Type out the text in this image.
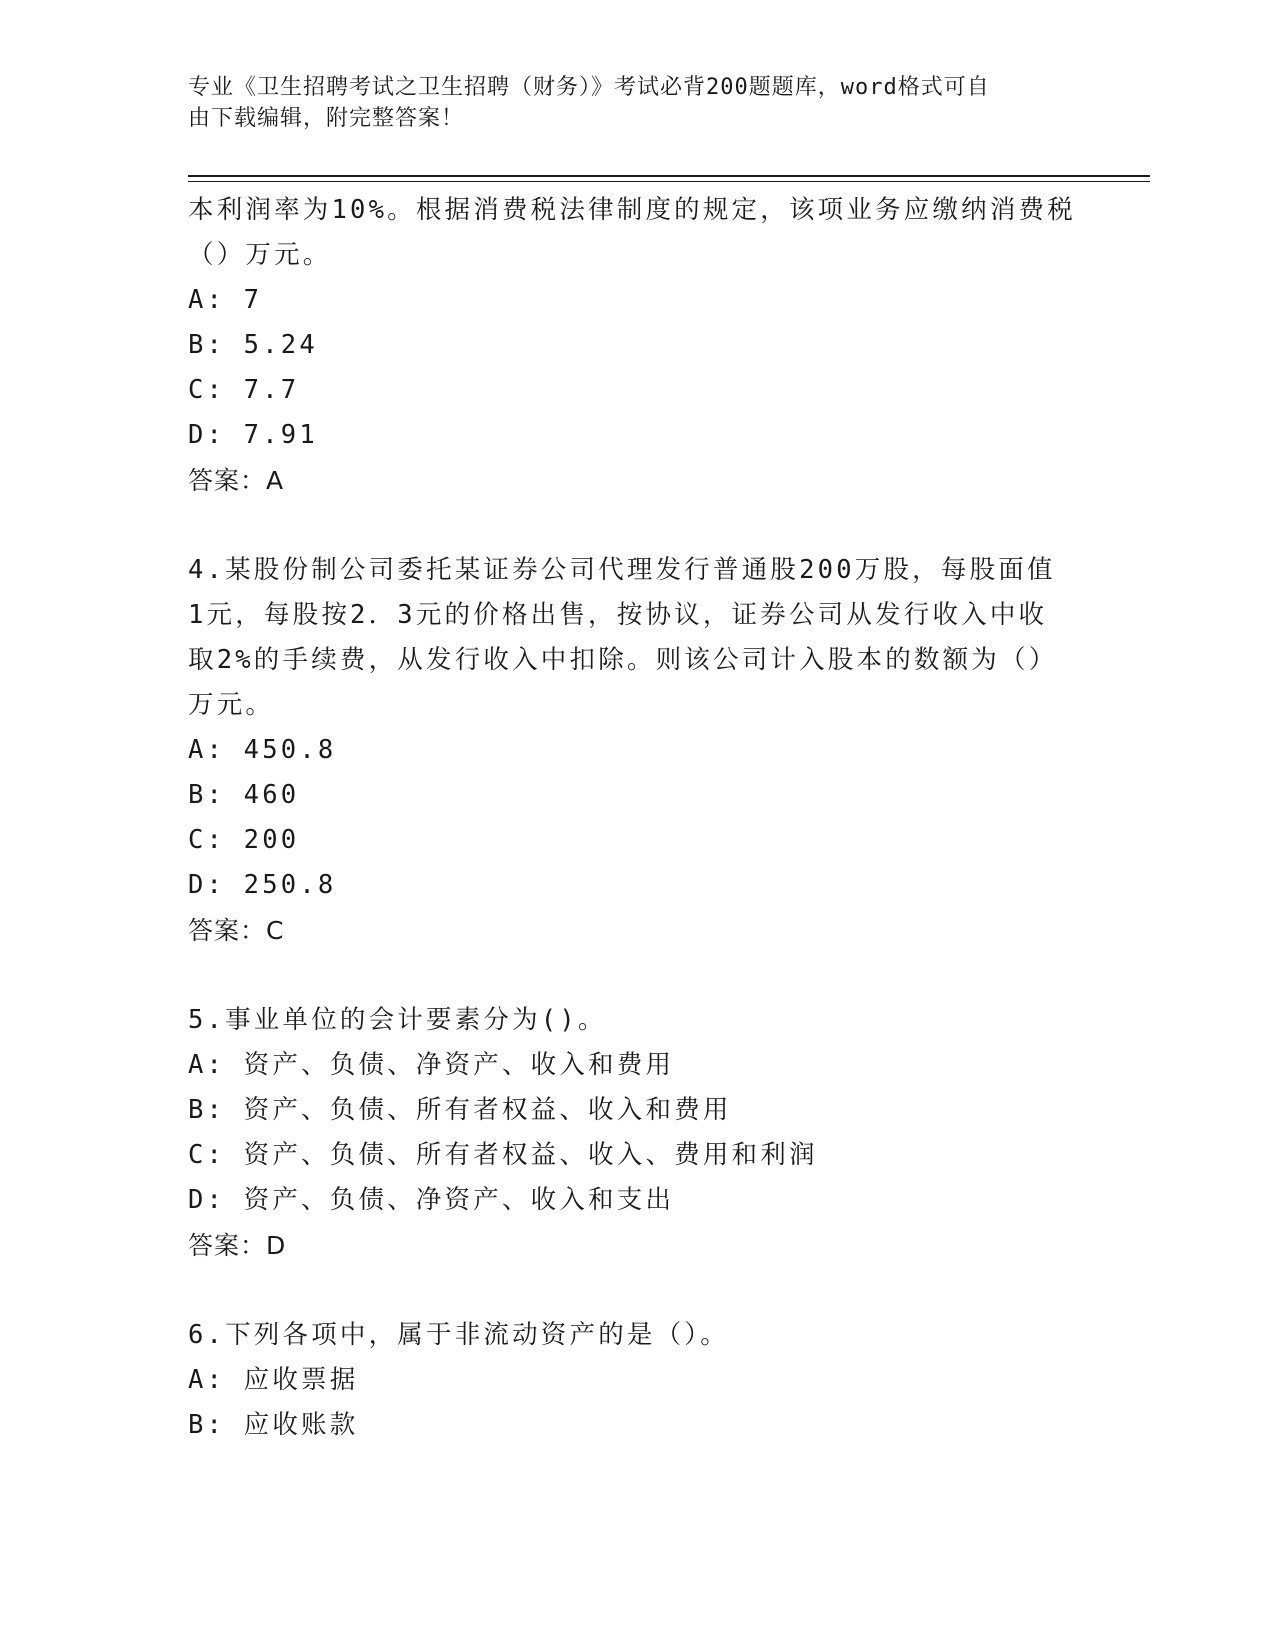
专业《卫生招聘考试之卫生招聘（财务）》考试必背200题题库，word格式可自
由下载编辑，附完整答案！
本利润率为10%。根据消费税法律制度的规定，该项业务应缴纳消费税
（）万元。
A: 7
B: 5.24
C: 7.7
D: 7.91
答案：A
4.某股份制公司委托某证券公司代理发行普通股200万股，每股面值
1元，每股按2．3元的价格出售，按协议，证券公司从发行收入中收
取2%的手续费，从发行收入中扣除。则该公司计入股本的数额为（）
万元。
A: 450.8
B: 460
C: 200
D: 250.8
答案：C
5.事业单位的会计要素分为()。
A: 资产、负债、净资产、收入和费用
B: 资产、负债、所有者权益、收入和费用
C: 资产、负债、所有者权益、收入、费用和利润
D: 资产、负债、净资产、收入和支出
答案：D
6.下列各项中，属于非流动资产的是（）。
A: 应收票据
B: 应收账款
